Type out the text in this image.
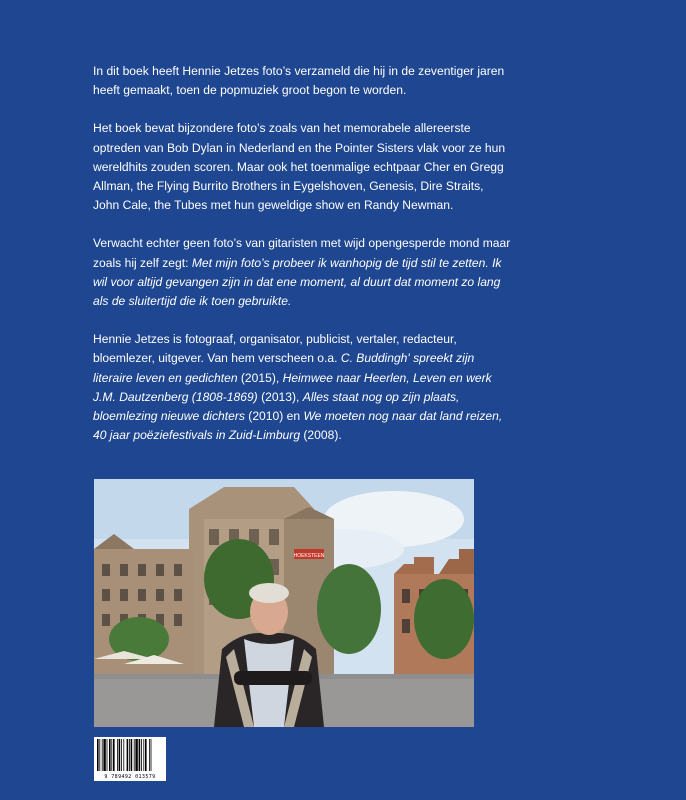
In dit boek heeft Hennie Jetzes foto’s verzameld die hij in de zeventiger jaren heeft gemaakt, toen de popmuziek groot begon te worden.

Het boek bevat bijzondere foto’s zoals van het memorabele allereerste optreden van Bob Dylan in Nederland en the Pointer Sisters vlak voor ze hun wereldhits zouden scoren. Maar ook het toenmalige echtpaar Cher en Gregg Allman, the Flying Burrito Brothers in Eygelshoven, Genesis, Dire Straits, John Cale, the Tubes met hun geweldige show en Randy Newman.

Verwacht echter geen foto’s van gitaristen met wijd opengesperde mond maar zoals hij zelf zegt: Met mijn foto’s probeer ik wanhopig de tijd stil te zetten. Ik wil voor altijd gevangen zijn in dat ene moment, al duurt dat moment zo lang als de sluitertijd die ik toen gebruikte.

Hennie Jetzes is fotograaf, organisator, publicist, vertaler, redacteur, bloemlezer, uitgever. Van hem verscheen o.a. C. Buddingh' spreekt zijn literaire leven en gedichten (2015), Heimwee naar Heerlen, Leven en werk J.M. Dautzenberg (1808-1869) (2013), Alles staat nog op zijn plaats, bloemlezing nieuwe dichters (2010) en We moeten nog naar dat land reizen, 40 jaar poëziefestivals in Zuid-Limburg (2008).

HOEKSTEEN
9 789492 013579
